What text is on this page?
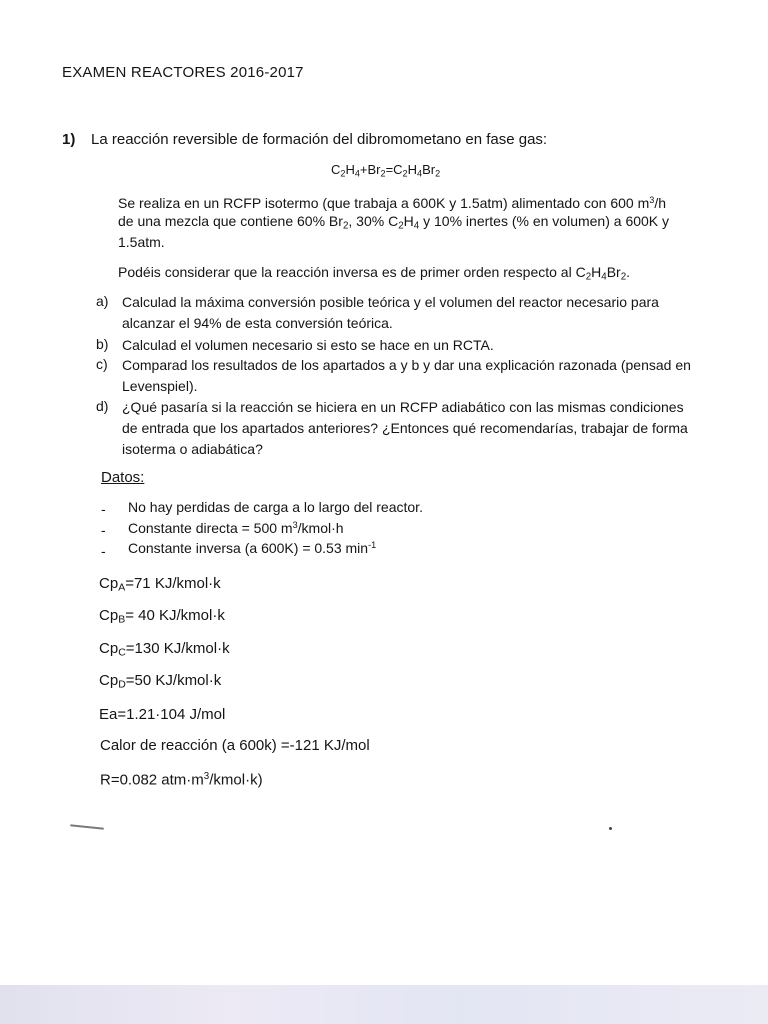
EXAMEN REACTORES 2016-2017
1) La reacción reversible de formación del dibromometano en fase gas:
$C_2H_4+Br_2=C_2H_4Br_2$
Se realiza en un RCFP isotermo (que trabaja a 600K y 1.5atm) alimentado con 600 $m^3/h$
de una mezcla que contiene 60% $Br_2$, 30% $C_2H_4$ y 10% inertes (% en volumen) a 600K y
1.5atm.
Podéis considerar que la reacción inversa es de primer orden respecto al $C_2H_4Br_2$.
a) Calculad la máxima conversión posible teórica y el volumen del reactor necesario para alcanzar el 94% de esta conversión teórica.
b) Calculad el volumen necesario si esto se hace en un RCTA.
c) Comparad los resultados de los apartados a y b y dar una explicación razonada (pensad en Levenspiel).
d) ¿Qué pasaría si la reacción se hiciera en un RCFP adiabático con las mismas condiciones de entrada que los apartados anteriores? ¿Entonces qué recomendarías, trabajar de forma isoterma o adiabática?
Datos:
- No hay perdidas de carga a lo largo del reactor.
- Constante directa = 500 $m^3/kmol\cdot h$
- Constante inversa (a 600K) = 0.53 $\min^{-1}$
$Cp_A=71$ KJ/kmol·k
$Cp_B= 40$ KJ/kmol·k
$Cp_C=130$ KJ/kmol·k
$Cp_D=50$ KJ/kmol·k
Ea=1.21·104 J/mol
Calor de reacción (a 600k) =-121 KJ/mol
R=0.082 $atm\cdot m^3/kmol\cdot k$)
